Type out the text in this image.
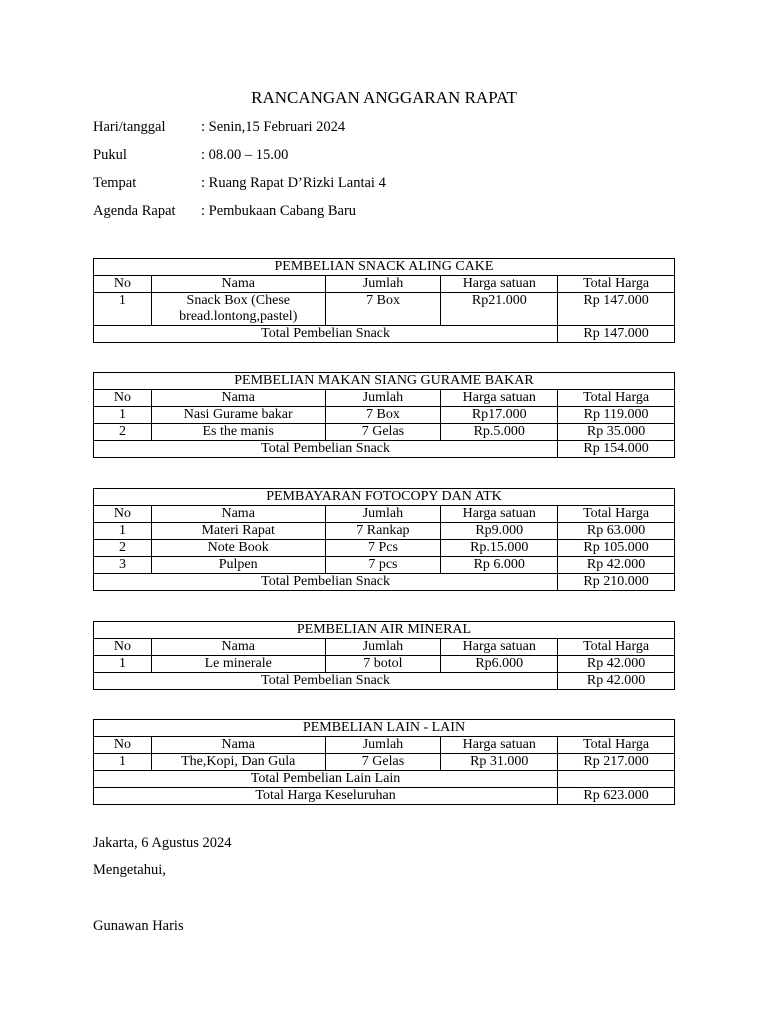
RANCANGAN ANGGARAN RAPAT
Hari/tanggal : Senin,15 Februari 2024
Pukul	: 08.00 – 15.00
Tempat	: Ruang Rapat D’Rizki Lantai 4
Agenda Rapat : Pembukaan Cabang Baru
PEMBELIAN SNACK ALING CAKE				
No	Nama	Jumlah	Harga satuan	Total Harga
1	Snack Box (Chese bread.lontong,pastel)	7 Box	Rp21.000	Rp 147.000
Total Pembelian Snack				Rp 147.000
PEMBELIAN MAKAN SIANG GURAME BAKAR				
No	Nama	Jumlah	Harga satuan	Total Harga
1	Nasi Gurame bakar	7 Box	Rp17.000	Rp 119.000
2	Es the manis	7 Gelas	Rp.5.000	Rp 35.000
Total Pembelian Snack				Rp 154.000
PEMBAYARAN FOTOCOPY DAN ATK				
No	Nama	Jumlah	Harga satuan	Total Harga
1	Materi Rapat	7 Rankap	Rp9.000	Rp 63.000
2	Note Book	7 Pcs	Rp.15.000	Rp 105.000
3	Pulpen	7 pcs	Rp 6.000	Rp 42.000
Total Pembelian Snack				Rp 210.000
PEMBELIAN AIR MINERAL				
No	Nama	Jumlah	Harga satuan	Total Harga
1	Le minerale	7 botol	Rp6.000	Rp 42.000
Total Pembelian Snack				Rp 42.000
PEMBELIAN LAIN - LAIN				
No	Nama	Jumlah	Harga satuan	Total Harga
1	The,Kopi, Dan Gula	7 Gelas	Rp 31.000	Rp 217.000
Total Pembelian Lain Lain				
Total Harga Keseluruhan				Rp 623.000
Jakarta, 6 Agustus 2024
Mengetahui,
Gunawan Haris
